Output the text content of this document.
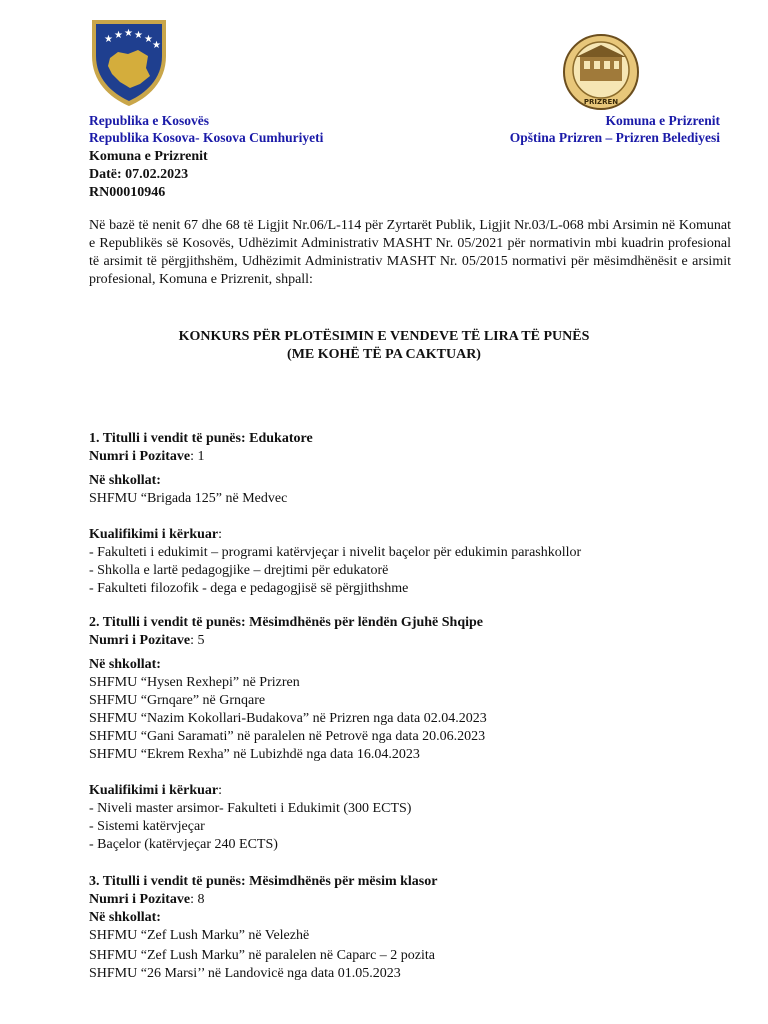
★ ★ ★ ★ ★
★
PRIZREN
Republika e Kosovës
Republika Kosova- Kosova Cumhuriyeti
Komuna e Prizrenit
Opština Prizren – Prizren Belediyesi
Komuna e Prizrenit
Datë: 07.02.2023
RN00010946
Në bazë të nenit 67 dhe 68 të Ligjit Nr.06/L-114 për Zyrtarët Publik, Ligjit Nr.03/L-068 mbi Arsimin në Komunat e Republikës së Kosovës, Udhëzimit Administrativ MASHT Nr. 05/2021 për normativin mbi kuadrin profesional të arsimit të përgjithshëm, Udhëzimit Administrativ MASHT Nr. 05/2015 normativi për mësimdhënësit e arsimit profesional, Komuna e Prizrenit, shpall:
KONKURS PËR PLOTËSIMIN E VENDEVE TË LIRA TË PUNËS
(ME KOHË TË PA CAKTUAR)
1. Titulli i vendit të punës: Edukatore
Numri i Pozitave: 1
Në shkollat:
SHFMU “Brigada 125” në Medvec
Kualifikimi i kërkuar:
- Fakulteti i edukimit – programi katërvjeçar i nivelit baçelor për edukimin parashkollor
- Shkolla e lartë pedagogjike – drejtimi për edukatorë
- Fakulteti filozofik - dega e pedagogjisë së përgjithshme
2. Titulli i vendit të punës: Mësimdhënës për lëndën Gjuhë Shqipe
Numri i Pozitave: 5
Në shkollat:
SHFMU “Hysen Rexhepi” në Prizren
SHFMU “Grnqare” në Grnqare
SHFMU “Nazim Kokollari-Budakova” në Prizren nga data 02.04.2023
SHFMU “Gani Saramati” në paralelen në Petrovë nga data 20.06.2023
SHFMU “Ekrem Rexha” në Lubizhdë nga data 16.04.2023
Kualifikimi i kërkuar:
- Niveli master arsimor- Fakulteti i Edukimit (300 ECTS)
- Sistemi katërvjeçar
- Baçelor (katërvjeçar 240 ECTS)
3. Titulli i vendit të punës: Mësimdhënës për mësim klasor
Numri i Pozitave: 8
Në shkollat:
SHFMU “Zef Lush Marku” në Velezhë
SHFMU “Zef Lush Marku” në paralelen në Caparc – 2 pozita
SHFMU “26 Marsi’’ në Landovicë nga data 01.05.2023
